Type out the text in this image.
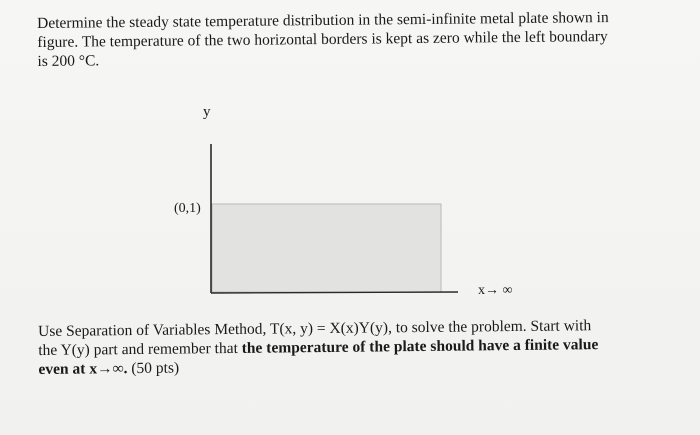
Determine the steady state temperature distribution in the semi-infinite metal plate shown in
figure. The temperature of the two horizontal borders is kept as zero while the left boundary
is 200 °C.

y
(0,1)
x→ ∞

Use Separation of Variables Method, T(x, y) = X(x)Y(y), to solve the problem. Start with
the Y(y) part and remember that the temperature of the plate should have a finite value
even at x→∞. (50 pts)
